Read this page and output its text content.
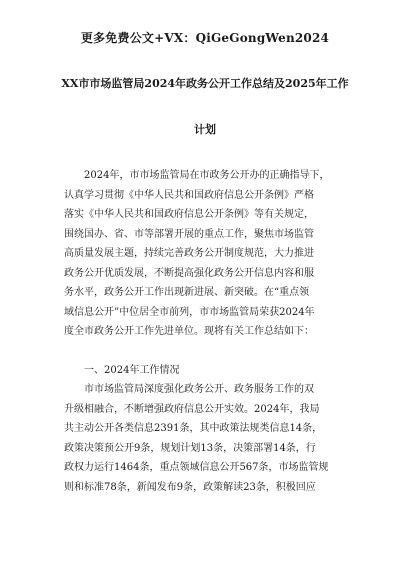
更多免费公文+VX：QiGeGongWen2024
XX市市场监管局2024年政务公开工作总结及2025年工作
计划
2024年，市市场监管局在市政务公开办的正确指导下，
认真学习贯彻《中华人民共和国政府信息公开条例》严格
落实《中华人民共和国政府信息公开条例》等有关规定，
围绕国办、省、市等部署开展的重点工作，聚焦市场监管
高质量发展主题，持续完善政务公开制度规范，大力推进
政务公开优质发展，不断提高强化政务公开信息内容和服
务水平，政务公开工作出现新进展、新突破。在“重点领
域信息公开”中位居全市前列，市市场监管局荣获2024年
度全市政务公开工作先进单位。现将有关工作总结如下：
一、2024年工作情况
市市场监管局深度强化政务公开、政务服务工作的双
升级相融合，不断增强政府信息公开实效。2024年，我局
共主动公开各类信息2391条，其中政策法规类信息14条，
政策决策预公开9条，规划计划13条，决策部署14条，行
政权力运行1464条，重点领域信息公开567条，市场监管规
则和标准78条，新闻发布9条，政策解读23条，积极回应
